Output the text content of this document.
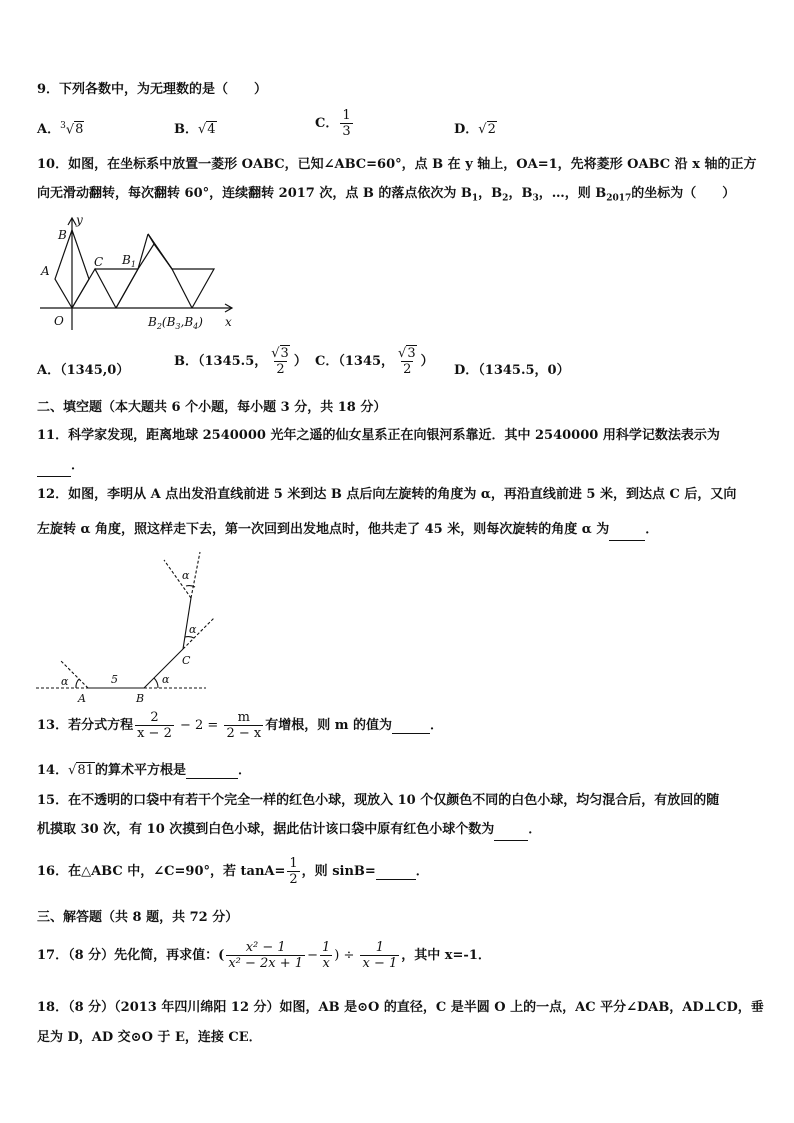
9．下列各数中，为无理数的是（　　）
A．$^3$√8	B．√4	C． $\frac{1}{3}$	D．√2
10．如图，在坐标系中放置一菱形 OABC，已知∠ABC=60°，点 B 在 y 轴上，OA=1，先将菱形 OABC 沿 x 轴的正方
向无滑动翻转，每次翻转 60°，连续翻转 2017 次，点 B 的落点依次为 $B_1$，$B_2$，$B_3$，…，则 $B_{2017}$的坐标为（　　）
y
B
A
C $B_1$
O	$B_2(B_3,B_4)$ x
A．（1345,0）
B．（1345.5， $\frac{√3}{2}$ ） C．（1345， $\frac{√3}{2}$ ）
D．（1345.5，0）
二、填空题（本大题共 6 个小题，每小题 3 分，共 18 分）
11．科学家发现，距离地球 2540000 光年之遥的仙女星系正在向银河系靠近．其中 2540000 用科学记数法表示为
．
12．如图，李明从 A 点出发沿直线前进 5 米到达 B 点后向左旋转的角度为 α，再沿直线前进 5 米，到达点 C 后，又向
左旋转 α 角度，照这样走下去，第一次回到出发地点时，他共走了 45 米，则每次旋转的角度 α 为	．
α	5	α
α
α
A	B
C
13．若分式方程 $\frac{2}{x - 2} - 2 = \frac{m}{2 - x}$ 有增根，则 m 的值为	．
14．√81的算术平方根是	．
15．在不透明的口袋中有若干个完全一样的红色小球，现放入 10 个仅颜色不同的白色小球，均匀混合后，有放回的随
机摸取 30 次，有 10 次摸到白色小球，据此估计该口袋中原有红色小球个数为	．
16．在△ABC 中，∠C=90°，若 $\tan A= \frac{1}{2}$ ，则 sinB=	．
三、解答题（共 8 题，共 72 分）
17．（8 分）先化简，再求值：( $\frac{\text{x² − 1}}{\text{x² − 2x + 1}} - \frac{1}{x}$ ) ÷ $\frac{1}{x - 1}$ ，其中 x=-1．
18．（8 分）（2013 年四川绵阳 12 分）如图，AB 是⊙O 的直径，C 是半圆 O 上的一点，AC 平分∠DAB，AD⊥CD，垂
足为 D，AD 交⊙O 于 E，连接 CE．
